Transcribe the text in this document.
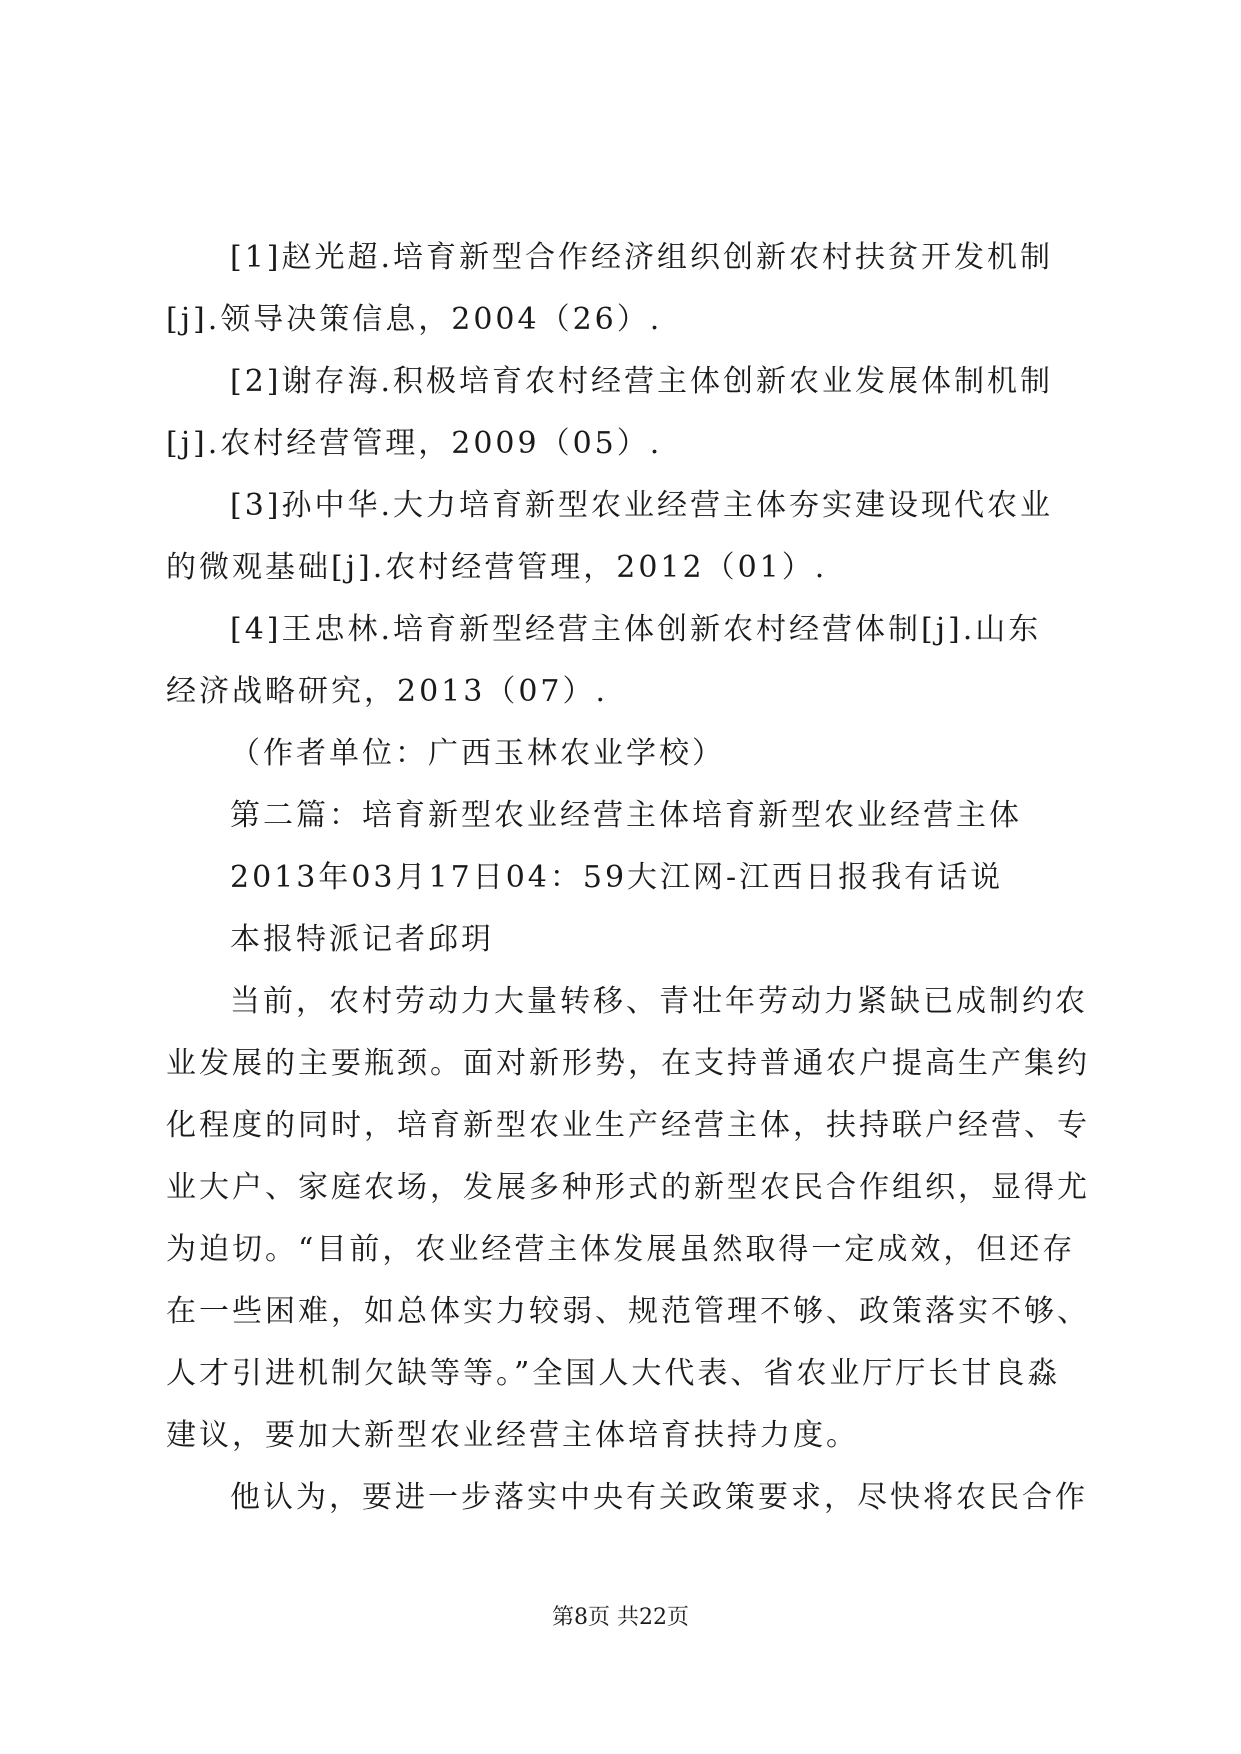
[1]赵光超.培育新型合作经济组织创新农村扶贫开发机制
[j].领导决策信息，2004（26）.
[2]谢存海.积极培育农村经营主体创新农业发展体制机制
[j].农村经营管理，2009（05）.
[3]孙中华.大力培育新型农业经营主体夯实建设现代农业
的微观基础[j].农村经营管理，2012（01）.
[4]王忠林.培育新型经营主体创新农村经营体制[j].山东
经济战略研究，2013（07）.
（作者单位：广西玉林农业学校）
第二篇：培育新型农业经营主体培育新型农业经营主体
2013年03月17日04：59大江网-江西日报我有话说
本报特派记者邱玥
当前，农村劳动力大量转移、青壮年劳动力紧缺已成制约农
业发展的主要瓶颈。面对新形势，在支持普通农户提高生产集约
化程度的同时，培育新型农业生产经营主体，扶持联户经营、专
业大户、家庭农场，发展多种形式的新型农民合作组织，显得尤
为迫切。“目前，农业经营主体发展虽然取得一定成效，但还存
在一些困难，如总体实力较弱、规范管理不够、政策落实不够、
人才引进机制欠缺等等。”全国人大代表、省农业厅厅长甘良淼
建议，要加大新型农业经营主体培育扶持力度。
他认为，要进一步落实中央有关政策要求，尽快将农民合作
第8页 共22页
